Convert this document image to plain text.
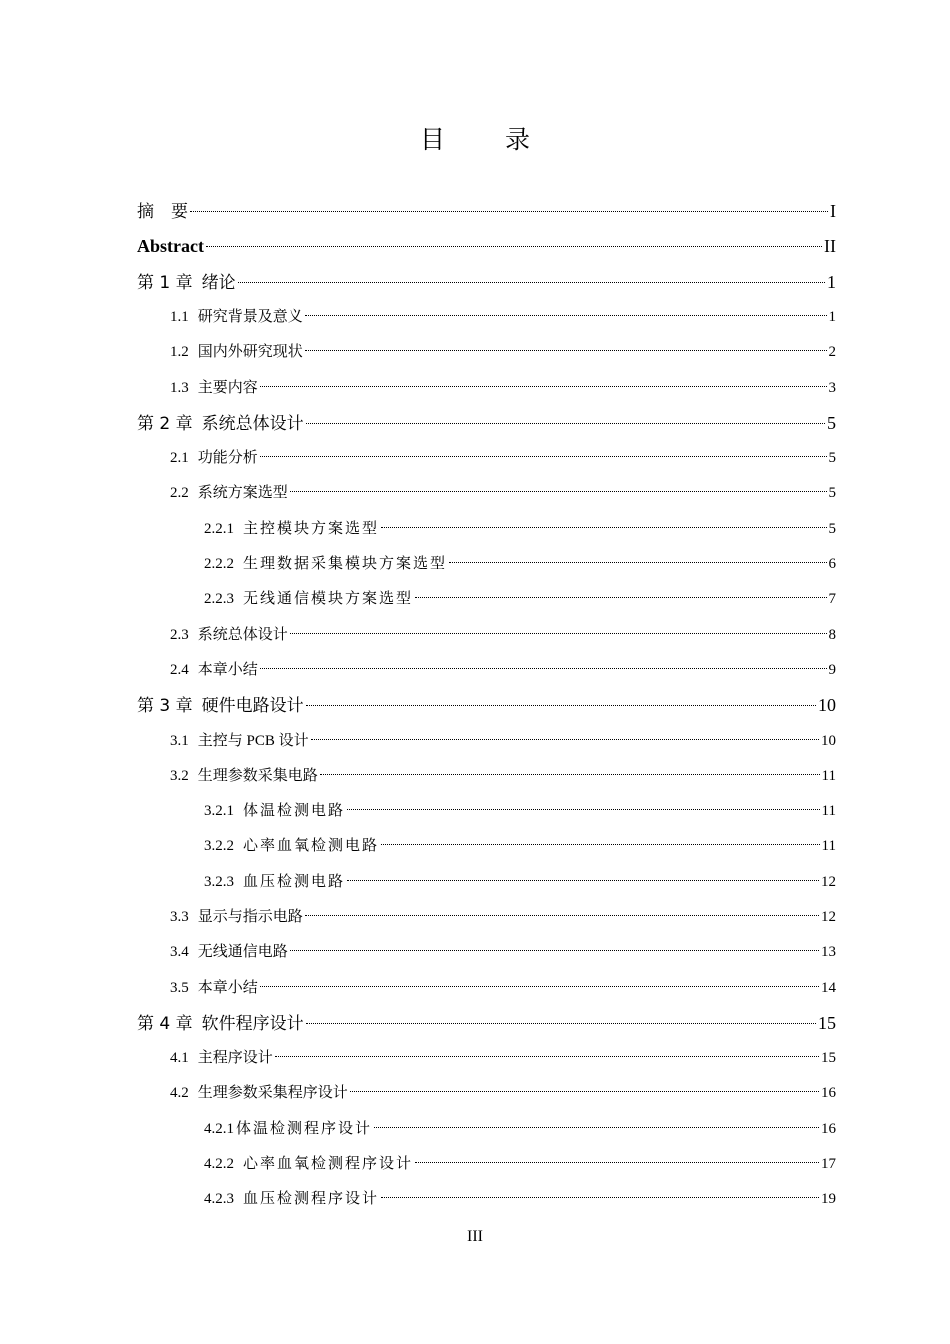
目 录
摘　要	I
Abstract	II
第 1 章 绪论	1
1.1 研究背景及意义	1
1.2 国内外研究现状	2
1.3 主要内容	3
第 2 章 系统总体设计	5
2.1 功能分析	5
2.2 系统方案选型	5
2.2.1 主控模块方案选型	5
2.2.2 生理数据采集模块方案选型	6
2.2.3 无线通信模块方案选型	7
2.3 系统总体设计	8
2.4 本章小结	9
第 3 章 硬件电路设计	10
3.1 主控与 PCB 设计	10
3.2 生理参数采集电路	11
3.2.1 体温检测电路	11
3.2.2 心率血氧检测电路	11
3.2.3 血压检测电路	12
3.3 显示与指示电路	12
3.4 无线通信电路	13
3.5 本章小结	14
第 4 章 软件程序设计	15
4.1 主程序设计	15
4.2 生理参数采集程序设计	16
4.2.1 体温检测程序设计	16
4.2.2 心率血氧检测程序设计	17
4.2.3 血压检测程序设计	19
III
